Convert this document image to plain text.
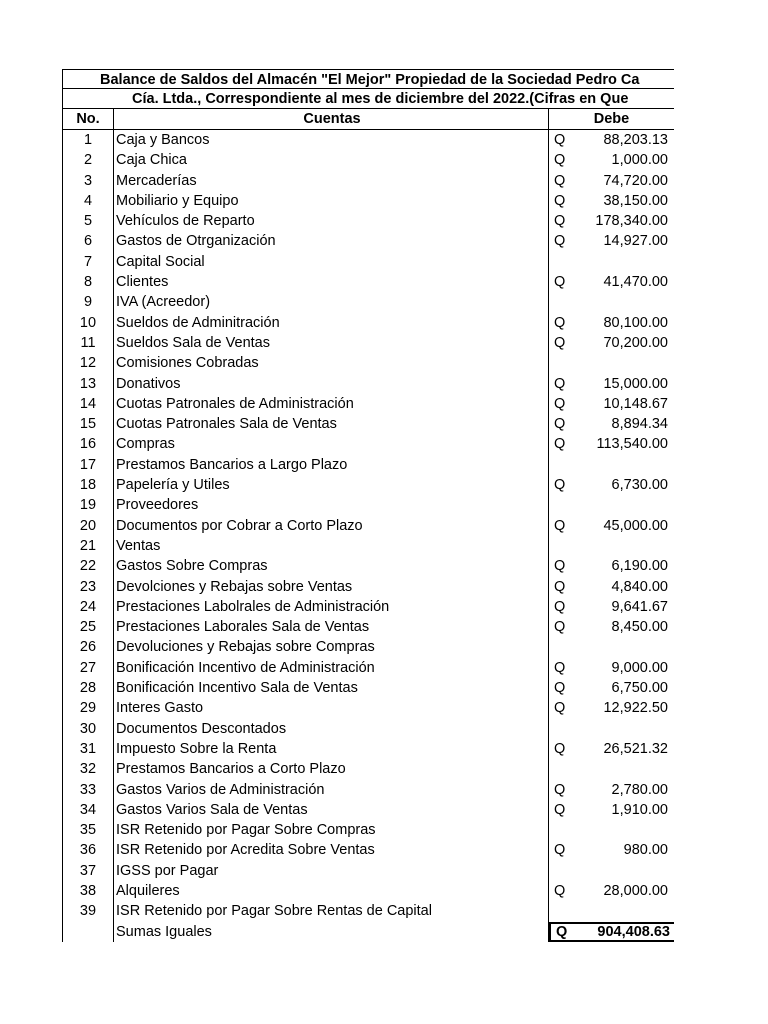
Balance de Saldos del Almacén "El Mejor" Propiedad de la Sociedad Pedro Ca
Cía. Ltda., Correspondiente al mes de diciembre del 2022.(Cifras en Que
No.	Cuentas	Debe
1	Caja y Bancos	Q	88,203.13
2	Caja Chica	Q	1,000.00
3	Mercaderías	Q	74,720.00
4	Mobiliario y Equipo	Q	38,150.00
5	Vehículos de Reparto	Q	178,340.00
6	Gastos de Otrganización	Q	14,927.00
7	Capital Social
8	Clientes	Q	41,470.00
9	IVA (Acreedor)
10	Sueldos de Adminitración	Q	80,100.00
11	Sueldos Sala de Ventas	Q	70,200.00
12	Comisiones Cobradas
13	Donativos	Q	15,000.00
14	Cuotas Patronales de Administración	Q	10,148.67
15	Cuotas Patronales Sala de Ventas	Q	8,894.34
16	Compras	Q	113,540.00
17	Prestamos Bancarios a Largo Plazo
18	Papelería y Utiles	Q	6,730.00
19	Proveedores
20	Documentos por Cobrar a Corto Plazo	Q	45,000.00
21	Ventas
22	Gastos Sobre Compras	Q	6,190.00
23	Devolciones y Rebajas sobre Ventas	Q	4,840.00
24	Prestaciones Labolrales de Administración	Q	9,641.67
25	Prestaciones Laborales Sala de Ventas	Q	8,450.00
26	Devoluciones y Rebajas sobre Compras
27	Bonificación Incentivo de Administración	Q	9,000.00
28	Bonificación Incentivo Sala de Ventas	Q	6,750.00
29	Interes Gasto	Q	12,922.50
30	Documentos Descontados
31	Impuesto Sobre la Renta	Q	26,521.32
32	Prestamos Bancarios a Corto Plazo
33	Gastos Varios de Administración	Q	2,780.00
34	Gastos Varios Sala de Ventas	Q	1,910.00
35	ISR Retenido por Pagar Sobre Compras
36	ISR Retenido por Acredita Sobre Ventas	Q	980.00
37	IGSS por Pagar
38	Alquileres	Q	28,000.00
39	ISR Retenido por Pagar Sobre Rentas de Capital
Sumas Iguales	Q	904,408.63
